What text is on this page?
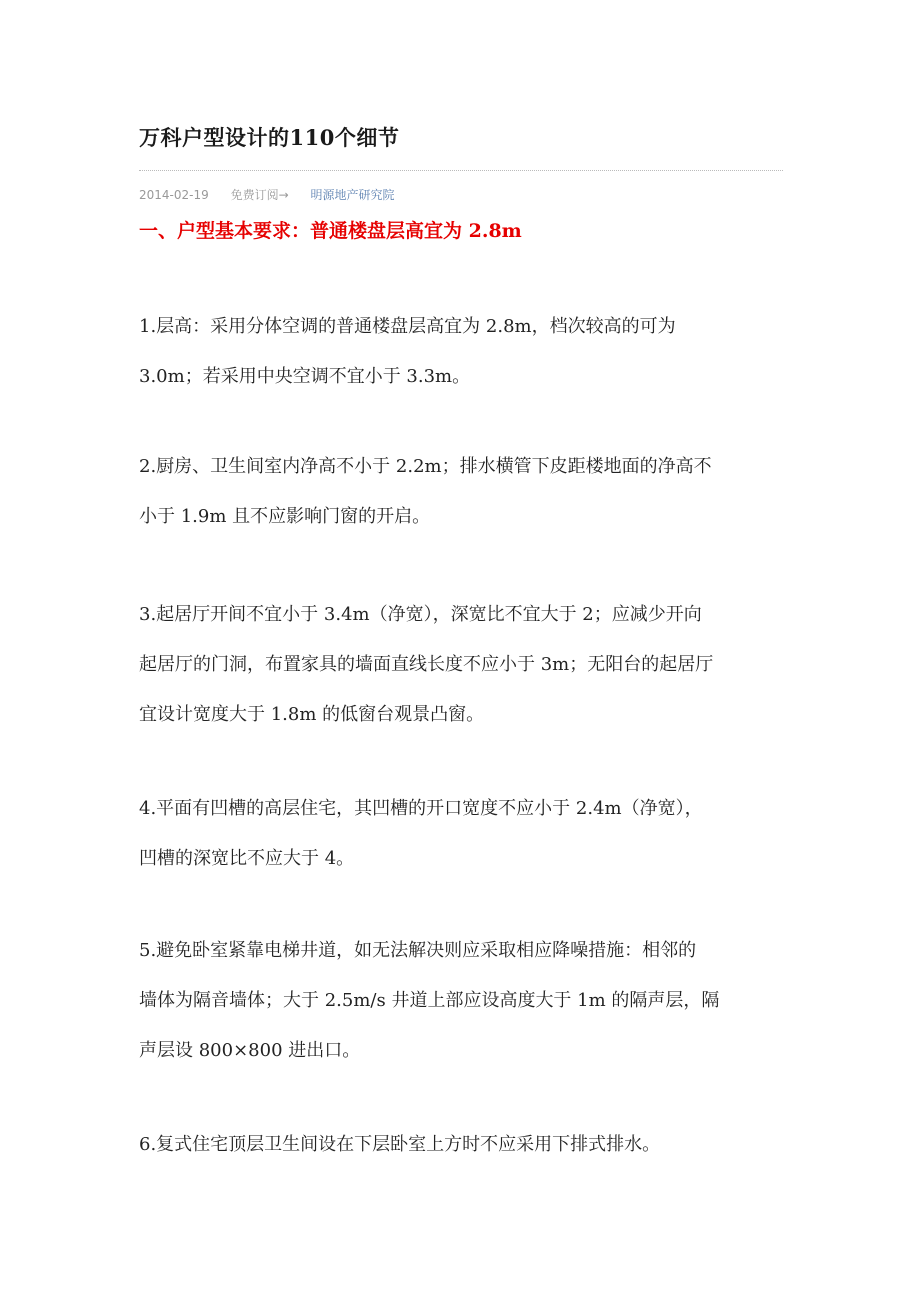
万科户型设计的110个细节
2014-02-19 免费订阅→ 明源地产研究院
一、户型基本要求：普通楼盘层高宜为 2.8m
1.层高：采用分体空调的普通楼盘层高宜为 2.8m，档次较高的可为
3.0m；若采用中央空调不宜小于 3.3m。
2.厨房、卫生间室内净高不小于 2.2m；排水横管下皮距楼地面的净高不
小于 1.9m 且不应影响门窗的开启。
3.起居厅开间不宜小于 3.4m（净宽），深宽比不宜大于 2；应减少开向
起居厅的门洞，布置家具的墙面直线长度不应小于 3m；无阳台的起居厅
宜设计宽度大于 1.8m 的低窗台观景凸窗。
4.平面有凹槽的高层住宅，其凹槽的开口宽度不应小于 2.4m（净宽），
凹槽的深宽比不应大于 4。
5.避免卧室紧靠电梯井道，如无法解决则应采取相应降噪措施：相邻的
墙体为隔音墙体；大于 2.5m/s 井道上部应设高度大于 1m 的隔声层，隔
声层设 800×800 进出口。
6.复式住宅顶层卫生间设在下层卧室上方时不应采用下排式排水。
